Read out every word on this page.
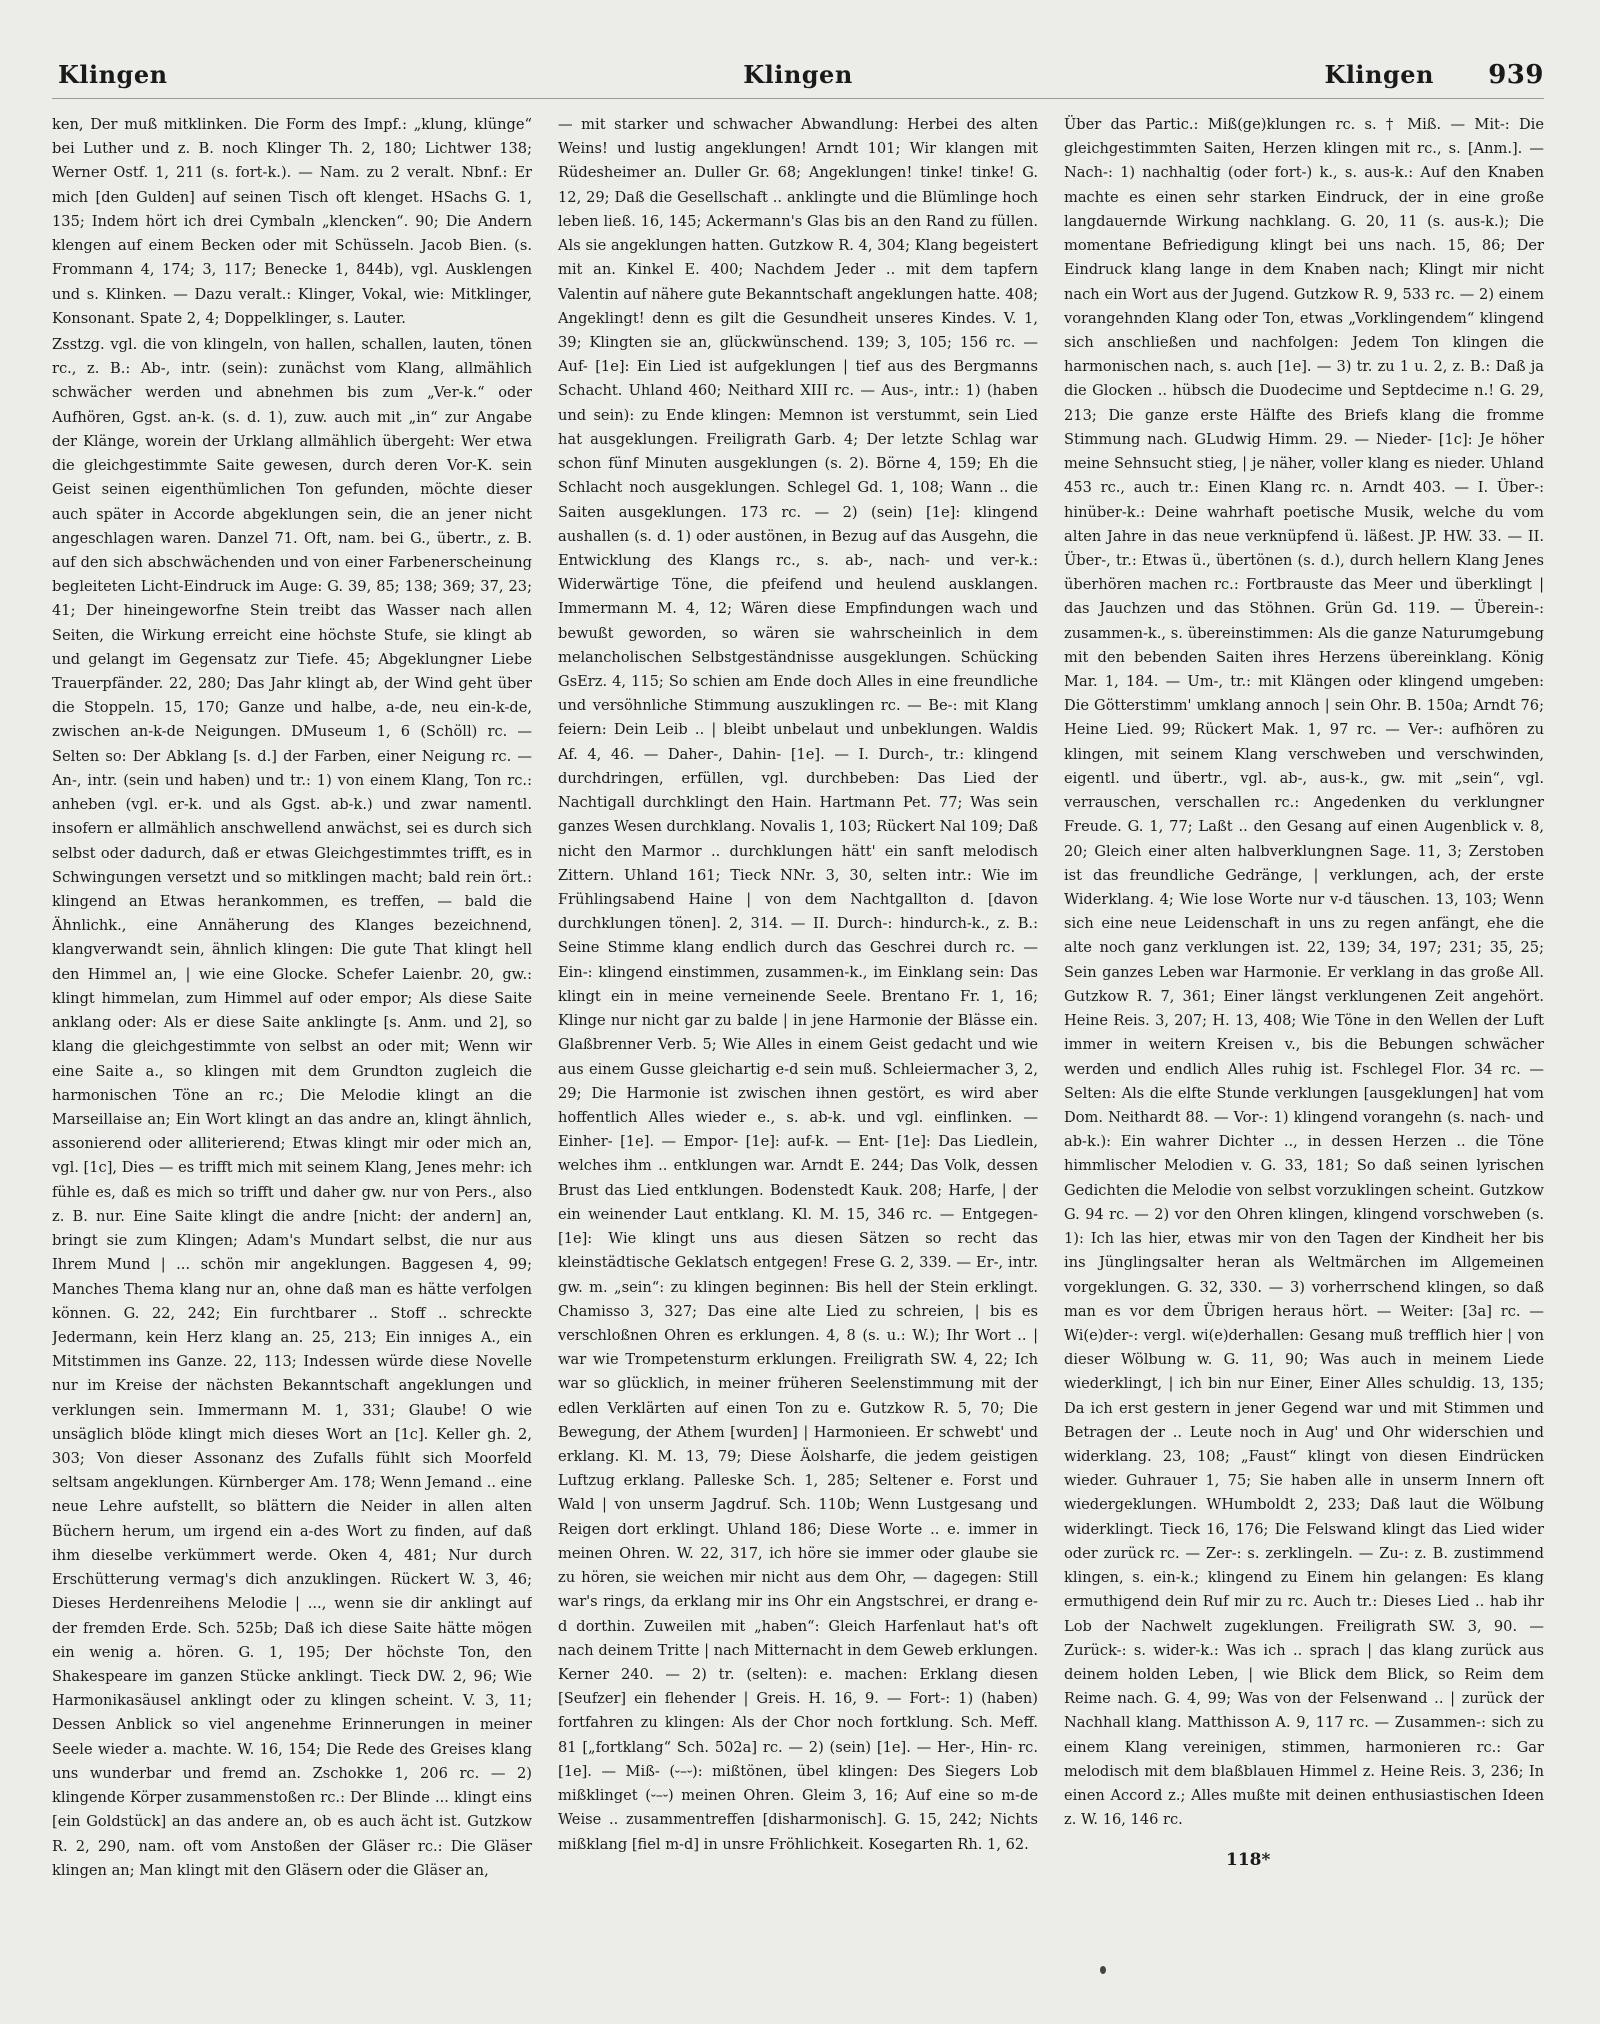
Klingen	Klingen	Klingen 939

ken, Der muß mitklinken. Die Form des Impf.: „klung, klünge“ bei Luther und z. B. noch Klinger Th. 2, 180; Lichtwer 138; Werner Ostf. 1, 211 (s. fort-k.). — Nam. zu 2 veralt. Nbnf.: Er mich [den Gulden] auf seinen Tisch oft klenget. HSachs G. 1, 135; Indem hört ich drei Cymbaln „klencken“. 90; Die Andern klengen auf einem Becken oder mit Schüsseln. Jacob Bien. (s. Frommann 4, 174; 3, 117; Benecke 1, 844b), vgl. Ausklengen und s. Klinken. — Dazu veralt.: Klinger, Vokal, wie: Mitklinger, Konsonant. Spate 2, 4; Doppelklinger, s. Lauter.

Zsstzg. vgl. die von klingeln, von hallen, schallen, lauten, tönen rc., z. B.: Ab-, intr. (sein): zunächst vom Klang, allmählich schwächer werden und abnehmen bis zum „Ver-k.“ oder Aufhören, Ggst. an-k. (s. d. 1), zuw. auch mit „in“ zur Angabe der Klänge, worein der Urklang allmählich übergeht: Wer etwa die gleichgestimmte Saite gewesen, durch deren Vor-K. sein Geist seinen eigenthümlichen Ton gefunden, möchte dieser auch später in Accorde abgeklungen sein, die an jener nicht angeschlagen waren. Danzel 71. Oft, nam. bei G., übertr., z. B. auf den sich abschwächenden und von einer Farbenerscheinung begleiteten Licht-Eindruck im Auge: G. 39, 85; 138; 369; 37, 23; 41; Der hineingeworfne Stein treibt das Wasser nach allen Seiten, die Wirkung erreicht eine höchste Stufe, sie klingt ab und gelangt im Gegensatz zur Tiefe. 45; Abgeklungner Liebe Trauerpfänder. 22, 280; Das Jahr klingt ab, der Wind geht über die Stoppeln. 15, 170; Ganze und halbe, a-de, neu ein-k-de, zwischen an-k-de Neigungen. DMuseum 1, 6 (Schöll) rc. — Selten so: Der Abklang [s. d.] der Farben, einer Neigung rc. — An-, intr. (sein und haben) und tr.: 1) von einem Klang, Ton rc.: anheben (vgl. er-k. und als Ggst. ab-k.) und zwar namentl. insofern er allmählich anschwellend anwächst, sei es durch sich selbst oder dadurch, daß er etwas Gleichgestimmtes trifft, es in Schwingungen versetzt und so mitklingen macht; bald rein ört.: klingend an Etwas herankommen, es treffen, — bald die Ähnlichk., eine Annäherung des Klanges bezeichnend, klangverwandt sein, ähnlich klingen: Die gute That klingt hell den Himmel an, | wie eine Glocke. Schefer Laienbr. 20, gw.: klingt himmelan, zum Himmel auf oder empor; Als diese Saite anklang oder: Als er diese Saite anklingte [s. Anm. und 2], so klang die gleichgestimmte von selbst an oder mit; Wenn wir eine Saite a., so klingen mit dem Grundton zugleich die harmonischen Töne an rc.; Die Melodie klingt an die Marseillaise an; Ein Wort klingt an das andre an, klingt ähnlich, assonierend oder alliterierend; Etwas klingt mir oder mich an, vgl. [1c], Dies — es trifft mich mit seinem Klang, Jenes mehr: ich fühle es, daß es mich so trifft und daher gw. nur von Pers., also z. B. nur. Eine Saite klingt die andre [nicht: der andern] an, bringt sie zum Klingen; Adam's Mundart selbst, die nur aus Ihrem Mund | ... schön mir angeklungen. Baggesen 4, 99; Manches Thema klang nur an, ohne daß man es hätte verfolgen können. G. 22, 242; Ein furchtbarer .. Stoff .. schreckte Jedermann, kein Herz klang an. 25, 213; Ein inniges A., ein Mitstimmen ins Ganze. 22, 113; Indessen würde diese Novelle nur im Kreise der nächsten Bekanntschaft angeklungen und verklungen sein. Immermann M. 1, 331; Glaube! O wie unsäglich blöde klingt mich dieses Wort an [1c]. Keller gh. 2, 303; Von dieser Assonanz des Zufalls fühlt sich Moorfeld seltsam angeklungen. Kürnberger Am. 178; Wenn Jemand .. eine neue Lehre aufstellt, so blättern die Neider in allen alten Büchern herum, um irgend ein a-des Wort zu finden, auf daß ihm dieselbe verkümmert werde. Oken 4, 481; Nur durch Erschütterung vermag's dich anzuklingen. Rückert W. 3, 46; Dieses Herdenreihens Melodie | ..., wenn sie dir anklingt auf der fremden Erde. Sch. 525b; Daß ich diese Saite hätte mögen ein wenig a. hören. G. 1, 195; Der höchste Ton, den Shakespeare im ganzen Stücke anklingt. Tieck DW. 2, 96; Wie Harmonikasäusel anklingt oder zu klingen scheint. V. 3, 11; Dessen Anblick so viel angenehme Erinnerungen in meiner Seele wieder a. machte. W. 16, 154; Die Rede des Greises klang uns wunderbar und fremd an. Zschokke 1, 206 rc. — 2) klingende Körper zusammenstoßen rc.: Der Blinde ... klingt eins [ein Goldstück] an das andere an, ob es auch ächt ist. Gutzkow R. 2, 290, nam. oft vom Anstoßen der Gläser rc.: Die Gläser klingen an; Man klingt mit den Gläsern oder die Gläser an,

— mit starker und schwacher Abwandlung: Herbei des alten Weins! und lustig angeklungen! Arndt 101; Wir klangen mit Rüdesheimer an. Duller Gr. 68; Angeklungen! tinke! tinke! G. 12, 29; Daß die Gesellschaft .. anklingte und die Blümlinge hoch leben ließ. 16, 145; Ackermann's Glas bis an den Rand zu füllen. Als sie angeklungen hatten. Gutzkow R. 4, 304; Klang begeistert mit an. Kinkel E. 400; Nachdem Jeder .. mit dem tapfern Valentin auf nähere gute Bekanntschaft angeklungen hatte. 408; Angeklingt! denn es gilt die Gesundheit unseres Kindes. V. 1, 39; Klingten sie an, glückwünschend. 139; 3, 105; 156 rc. — Auf- [1e]: Ein Lied ist aufgeklungen | tief aus des Bergmanns Schacht. Uhland 460; Neithard XIII rc. — Aus-, intr.: 1) (haben und sein): zu Ende klingen: Memnon ist verstummt, sein Lied hat ausgeklungen. Freiligrath Garb. 4; Der letzte Schlag war schon fünf Minuten ausgeklungen (s. 2). Börne 4, 159; Eh die Schlacht noch ausgeklungen. Schlegel Gd. 1, 108; Wann .. die Saiten ausgeklungen. 173 rc. — 2) (sein) [1e]: klingend aushallen (s. d. 1) oder austönen, in Bezug auf das Ausgehn, die Entwicklung des Klangs rc., s. ab-, nach- und ver-k.: Widerwärtige Töne, die pfeifend und heulend ausklangen. Immermann M. 4, 12; Wären diese Empfindungen wach und bewußt geworden, so wären sie wahrscheinlich in dem melancholischen Selbstgeständnisse ausgeklungen. Schücking GsErz. 4, 115; So schien am Ende doch Alles in eine freundliche und versöhnliche Stimmung auszuklingen rc. — Be-: mit Klang feiern: Dein Leib .. | bleibt unbelaut und unbeklungen. Waldis Af. 4, 46. — Daher-, Dahin- [1e]. — I. Durch-, tr.: klingend durchdringen, erfüllen, vgl. durchbeben: Das Lied der Nachtigall durchklingt den Hain. Hartmann Pet. 77; Was sein ganzes Wesen durchklang. Novalis 1, 103; Rückert Nal 109; Daß nicht den Marmor .. durchklungen hätt' ein sanft melodisch Zittern. Uhland 161; Tieck NNr. 3, 30, selten intr.: Wie im Frühlingsabend Haine | von dem Nachtgallton d. [davon durchklungen tönen]. 2, 314. — II. Durch-: hindurch-k., z. B.: Seine Stimme klang endlich durch das Geschrei durch rc. — Ein-: klingend einstimmen, zusammen-k., im Einklang sein: Das klingt ein in meine verneinende Seele. Brentano Fr. 1, 16; Klinge nur nicht gar zu balde | in jene Harmonie der Blässe ein. Glaßbrenner Verb. 5; Wie Alles in einem Geist gedacht und wie aus einem Gusse gleichartig e-d sein muß. Schleiermacher 3, 2, 29; Die Harmonie ist zwischen ihnen gestört, es wird aber hoffentlich Alles wieder e., s. ab-k. und vgl. einflinken. — Einher- [1e]. — Empor- [1e]: auf-k. — Ent- [1e]: Das Liedlein, welches ihm .. entklungen war. Arndt E. 244; Das Volk, dessen Brust das Lied entklungen. Bodenstedt Kauk. 208; Harfe, | der ein weinender Laut entklang. Kl. M. 15, 346 rc. — Entgegen- [1e]: Wie klingt uns aus diesen Sätzen so recht das kleinstädtische Geklatsch entgegen! Frese G. 2, 339. — Er-, intr. gw. m. „sein“: zu klingen beginnen: Bis hell der Stein erklingt. Chamisso 3, 327; Das eine alte Lied zu schreien, | bis es verschloßnen Ohren es erklungen. 4, 8 (s. u.: W.); Ihr Wort .. | war wie Trompetensturm erklungen. Freiligrath SW. 4, 22; Ich war so glücklich, in meiner früheren Seelenstimmung mit der edlen Verklärten auf einen Ton zu e. Gutzkow R. 5, 70; Die Bewegung, der Athem [wurden] | Harmonieen. Er schwebt' und erklang. Kl. M. 13, 79; Diese Äolsharfe, die jedem geistigen Luftzug erklang. Palleske Sch. 1, 285; Seltener e. Forst und Wald | von unserm Jagdruf. Sch. 110b; Wenn Lustgesang und Reigen dort erklingt. Uhland 186; Diese Worte .. e. immer in meinen Ohren. W. 22, 317, ich höre sie immer oder glaube sie zu hören, sie weichen mir nicht aus dem Ohr, — dagegen: Still war's rings, da erklang mir ins Ohr ein Angstschrei, er drang e-d dorthin. Zuweilen mit „haben“: Gleich Harfenlaut hat's oft nach deinem Tritte | nach Mitternacht in dem Geweb erklungen. Kerner 240. — 2) tr. (selten): e. machen: Erklang diesen [Seufzer] ein flehender | Greis. H. 16, 9. — Fort-: 1) (haben) fortfahren zu klingen: Als der Chor noch fortklung. Sch. Meff. 81 [„fortklang“ Sch. 502a] rc. — 2) (sein) [1e]. — Her-, Hin- rc. [1e]. — Miß- (⏑–⏑): mißtönen, übel klingen: Des Siegers Lob mißklinget (⏑–⏑) meinen Ohren. Gleim 3, 16; Auf eine so m-de Weise .. zusammentreffen [disharmonisch]. G. 15, 242; Nichts mißklang [fiel m-d] in unsre Fröhlichkeit. Kosegarten Rh. 1, 62.

Über das Partic.: Miß(ge)klungen rc. s. † Miß. — Mit-: Die gleichgestimmten Saiten, Herzen klingen mit rc., s. [Anm.]. — Nach-: 1) nachhaltig (oder fort-) k., s. aus-k.: Auf den Knaben machte es einen sehr starken Eindruck, der in eine große langdauernde Wirkung nachklang. G. 20, 11 (s. aus-k.); Die momentane Befriedigung klingt bei uns nach. 15, 86; Der Eindruck klang lange in dem Knaben nach; Klingt mir nicht nach ein Wort aus der Jugend. Gutzkow R. 9, 533 rc. — 2) einem vorangehnden Klang oder Ton, etwas „Vorklingendem“ klingend sich anschließen und nachfolgen: Jedem Ton klingen die harmonischen nach, s. auch [1e]. — 3) tr. zu 1 u. 2, z. B.: Daß ja die Glocken .. hübsch die Duodecime und Septdecime n.! G. 29, 213; Die ganze erste Hälfte des Briefs klang die fromme Stimmung nach. GLudwig Himm. 29. — Nieder- [1c]: Je höher meine Sehnsucht stieg, | je näher, voller klang es nieder. Uhland 453 rc., auch tr.: Einen Klang rc. n. Arndt 403. — I. Über-: hinüber-k.: Deine wahrhaft poetische Musik, welche du vom alten Jahre in das neue verknüpfend ü. läßest. JP. HW. 33. — II. Über-, tr.: Etwas ü., übertönen (s. d.), durch hellern Klang Jenes überhören machen rc.: Fortbrauste das Meer und überklingt | das Jauchzen und das Stöhnen. Grün Gd. 119. — Überein-: zusammen-k., s. übereinstimmen: Als die ganze Naturumgebung mit den bebenden Saiten ihres Herzens übereinklang. König Mar. 1, 184. — Um-, tr.: mit Klängen oder klingend umgeben: Die Götterstimm' umklang annoch | sein Ohr. B. 150a; Arndt 76; Heine Lied. 99; Rückert Mak. 1, 97 rc. — Ver-: aufhören zu klingen, mit seinem Klang verschweben und verschwinden, eigentl. und übertr., vgl. ab-, aus-k., gw. mit „sein“, vgl. verrauschen, verschallen rc.: Angedenken du verklungner Freude. G. 1, 77; Laßt .. den Gesang auf einen Augenblick v. 8, 20; Gleich einer alten halbverklungnen Sage. 11, 3; Zerstoben ist das freundliche Gedränge, | verklungen, ach, der erste Widerklang. 4; Wie lose Worte nur v-d täuschen. 13, 103; Wenn sich eine neue Leidenschaft in uns zu regen anfängt, ehe die alte noch ganz verklungen ist. 22, 139; 34, 197; 231; 35, 25; Sein ganzes Leben war Harmonie. Er verklang in das große All. Gutzkow R. 7, 361; Einer längst verklungenen Zeit angehört. Heine Reis. 3, 207; H. 13, 408; Wie Töne in den Wellen der Luft immer in weitern Kreisen v., bis die Bebungen schwächer werden und endlich Alles ruhig ist. Fschlegel Flor. 34 rc. — Selten: Als die elfte Stunde verklungen [ausgeklungen] hat vom Dom. Neithardt 88. — Vor-: 1) klingend vorangehn (s. nach- und ab-k.): Ein wahrer Dichter .., in dessen Herzen .. die Töne himmlischer Melodien v. G. 33, 181; So daß seinen lyrischen Gedichten die Melodie von selbst vorzuklingen scheint. Gutzkow G. 94 rc. — 2) vor den Ohren klingen, klingend vorschweben (s. 1): Ich las hier, etwas mir von den Tagen der Kindheit her bis ins Jünglingsalter heran als Weltmärchen im Allgemeinen vorgeklungen. G. 32, 330. — 3) vorherrschend klingen, so daß man es vor dem Übrigen heraus hört. — Weiter: [3a] rc. — Wi(e)der-: vergl. wi(e)derhallen: Gesang muß trefflich hier | von dieser Wölbung w. G. 11, 90; Was auch in meinem Liede wiederklingt, | ich bin nur Einer, Einer Alles schuldig. 13, 135; Da ich erst gestern in jener Gegend war und mit Stimmen und Betragen der .. Leute noch in Aug' und Ohr widerschien und widerklang. 23, 108; „Faust“ klingt von diesen Eindrücken wieder. Guhrauer 1, 75; Sie haben alle in unserm Innern oft wiedergeklungen. WHumboldt 2, 233; Daß laut die Wölbung widerklingt. Tieck 16, 176; Die Felswand klingt das Lied wider oder zurück rc. — Zer-: s. zerklingeln. — Zu-: z. B. zustimmend klingen, s. ein-k.; klingend zu Einem hin gelangen: Es klang ermuthigend dein Ruf mir zu rc. Auch tr.: Dieses Lied .. hab ihr Lob der Nachwelt zugeklungen. Freiligrath SW. 3, 90. — Zurück-: s. wider-k.: Was ich .. sprach | das klang zurück aus deinem holden Leben, | wie Blick dem Blick, so Reim dem Reime nach. G. 4, 99; Was von der Felsenwand .. | zurück der Nachhall klang. Matthisson A. 9, 117 rc. — Zusammen-: sich zu einem Klang vereinigen, stimmen, harmonieren rc.: Gar melodisch mit dem blaßblauen Himmel z. Heine Reis. 3, 236; In einen Accord z.; Alles mußte mit deinen enthusiastischen Ideen z. W. 16, 146 rc.

118*
